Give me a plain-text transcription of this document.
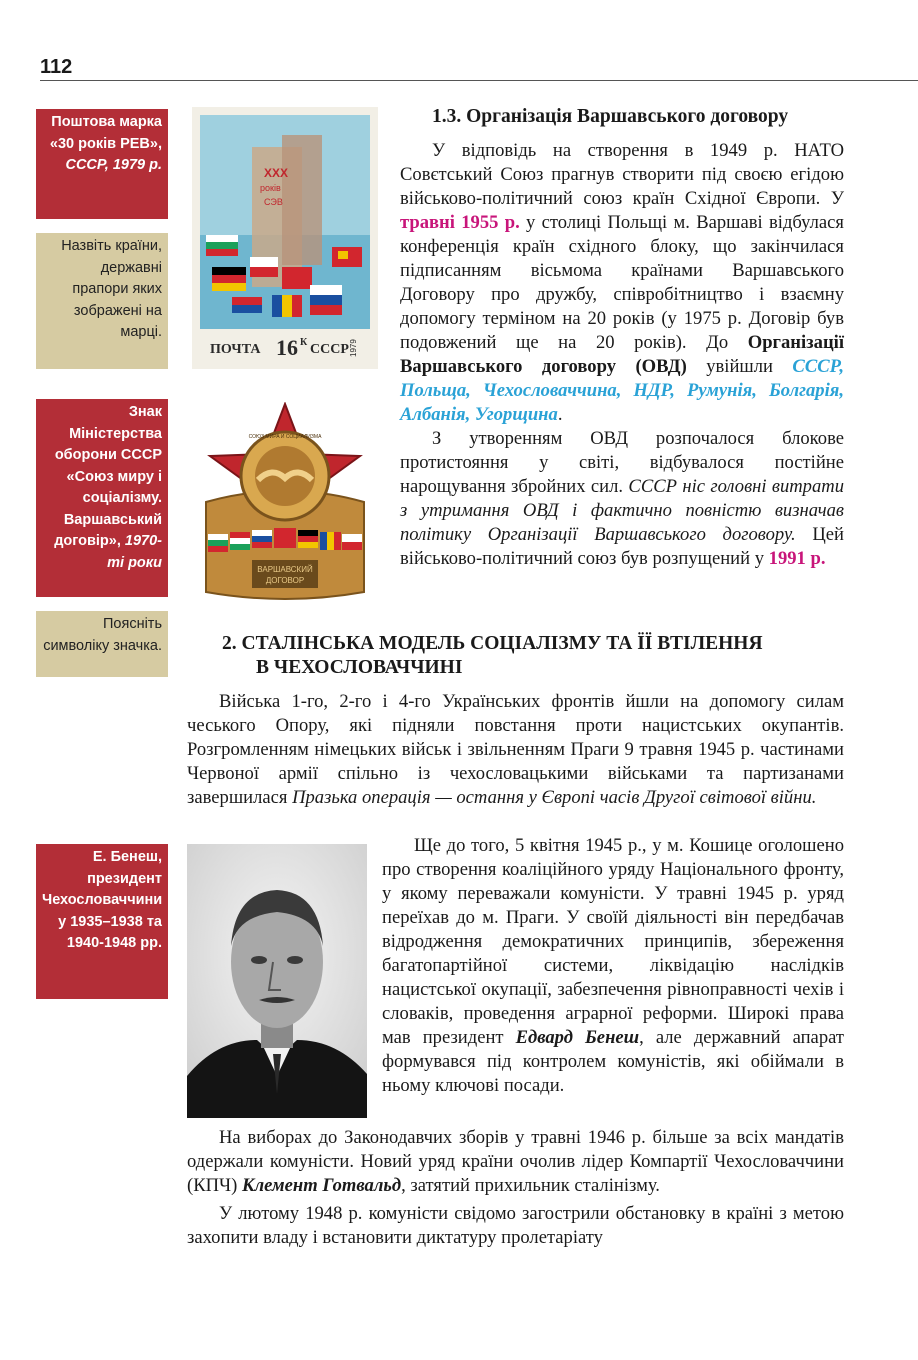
112
Поштова марка «30 років РЕВ», СССР, 1979 р.
Назвіть країни, державні прапори яких зображені на марці.
Знак Міністерства оборони СССР «Союз миру і соціалізму. Варшавський договір», 1970-ті роки
Поясніть символіку значка.
Е. Бенеш, президент Чехословаччини у 1935–1938 та 1940-1948 рр.
XXX
років
СЭВ
ПОЧТА 16 К СССР 1979
СОЮЗ МИРА И СОЦИАЛИЗМА
ВАРШАВСКИЙ
ДОГОВОР
1.3. Організація Варшавського договору

У відповідь на створення в 1949 р. НАТО Совєтський Союз прагнув створити під своєю егідою військово-політичний союз країн Східної Європи. У травні 1955 р. у столиці Польщі м. Варшаві відбулася конференція країн східного блоку, що закінчилася підписанням вісьмома країнами Варшавського Договору про дружбу, співробітництво і взаємну допомогу терміном на 20 років (у 1975 р. Договір був подовжений ще на 20 років). До Організації Варшавського договору (ОВД) увійшли СССР, Польща, Чехословаччина, НДР, Румунія, Болгарія, Албанія, Угорщина.

З утворенням ОВД розпочалося блокове протистояння у світі, відбувалося постійне нарощування збройних сил. СССР ніс головні витрати з утримання ОВД і фактично повністю визначав політику Організації Варшавського договору. Цей військово-політичний союз був розпущений у 1991 р.

2. СТАЛІНСЬКА МОДЕЛЬ СОЦІАЛІЗМУ ТА ЇЇ ВТІЛЕННЯ
В ЧЕХОСЛОВАЧЧИНІ

Війська 1-го, 2-го і 4-го Українських фронтів йшли на допомогу силам чеського Опору, які підняли повстання проти нацистських окупантів. Розгромленням німецьких військ і звільненням Праги 9 травня 1945 р. частинами Червоної армії спільно із чехословацькими військами та партизанами завершилася Празька операція — остання у Європі часів Другої світової війни.

Ще до того, 5 квітня 1945 р., у м. Кошице оголошено про створення коаліційного уряду Національного фронту, у якому переважали комуністи. У травні 1945 р. уряд переїхав до м. Праги. У своїй діяльності він передбачав відродження демократичних принципів, збереження багатопартійної системи, ліквідацію наслідків нацистської окупації, забезпечення рівноправності чехів і словаків, проведення аграрної реформи. Широкі права мав президент Едвард Бенеш, але державний апарат формувався під контролем комуністів, які обіймали в ньому ключові посади.

На виборах до Законодавчих зборів у травні 1946 р. більше за всіх мандатів одержали комуністи. Новий уряд країни очолив лідер Компартії Чехословаччини (КПЧ) Клемент Готвальд, затятий прихильник сталінізму.

У лютому 1948 р. комуністи свідомо загострили обстановку в країні з метою захопити владу і встановити диктатуру пролетаріату
